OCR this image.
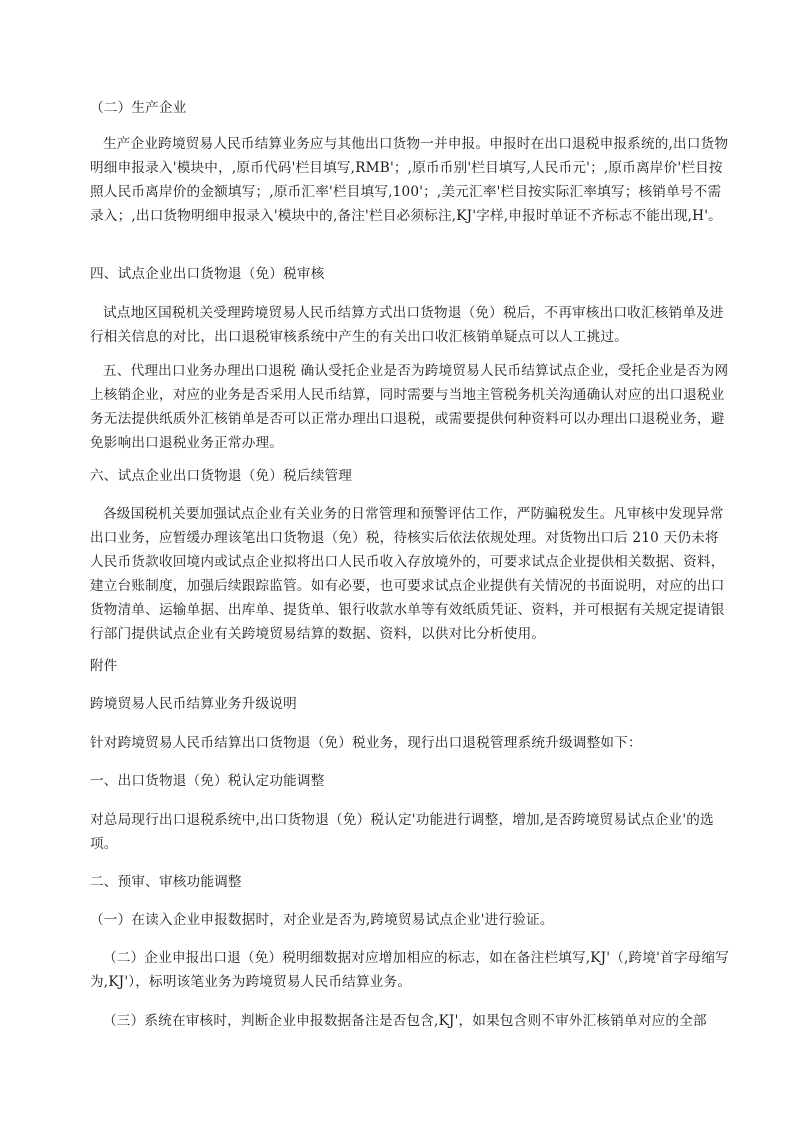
（二）生产企业

生产企业跨境贸易人民币结算业务应与其他出口货物一并申报。申报时在出口退税申报系统的,出口货物明细申报录入'模块中，,原币代码'栏目填写,RMB'；,原币币别'栏目填写,人民币元'；,原币离岸价'栏目按照人民币离岸价的金额填写；,原币汇率'栏目填写,100'；,美元汇率'栏目按实际汇率填写；核销单号不需录入；,出口货物明细申报录入'模块中的,备注'栏目必须标注,KJ'字样,申报时单证不齐标志不能出现,H'。

四、试点企业出口货物退（免）税审核

试点地区国税机关受理跨境贸易人民币结算方式出口货物退（免）税后，不再审核出口收汇核销单及进行相关信息的对比，出口退税审核系统中产生的有关出口收汇核销单疑点可以人工挑过。

五、代理出口业务办理出口退税 确认受托企业是否为跨境贸易人民币结算试点企业，受托企业是否为网上核销企业，对应的业务是否采用人民币结算，同时需要与当地主管税务机关沟通确认对应的出口退税业务无法提供纸质外汇核销单是否可以正常办理出口退税，或需要提供何种资料可以办理出口退税业务，避免影响出口退税业务正常办理。

六、试点企业出口货物退（免）税后续管理

各级国税机关要加强试点企业有关业务的日常管理和预警评估工作，严防骗税发生。凡审核中发现异常出口业务，应暂缓办理该笔出口货物退（免）税，待核实后依法依规处理。对货物出口后 210 天仍未将人民币货款收回境内或试点企业拟将出口人民币收入存放境外的，可要求试点企业提供相关数据、资料，建立台账制度，加强后续跟踪监管。如有必要，也可要求试点企业提供有关情况的书面说明，对应的出口货物清单、运输单据、出库单、提货单、银行收款水单等有效纸质凭证、资料，并可根据有关规定提请银行部门提供试点企业有关跨境贸易结算的数据、资料，以供对比分析使用。

附件

跨境贸易人民币结算业务升级说明

针对跨境贸易人民币结算出口货物退（免）税业务，现行出口退税管理系统升级调整如下：

一、出口货物退（免）税认定功能调整

对总局现行出口退税系统中,出口货物退（免）税认定'功能进行调整，增加,是否跨境贸易试点企业'的选项。

二、预审、审核功能调整

（一）在读入企业申报数据时，对企业是否为,跨境贸易试点企业'进行验证。

（二）企业申报出口退（免）税明细数据对应增加相应的标志，如在备注栏填写,KJ'（,跨境'首字母缩写为,KJ'），标明该笔业务为跨境贸易人民币结算业务。

（三）系统在审核时，判断企业申报数据备注是否包含,KJ'，如果包含则不审外汇核销单对应的全部
